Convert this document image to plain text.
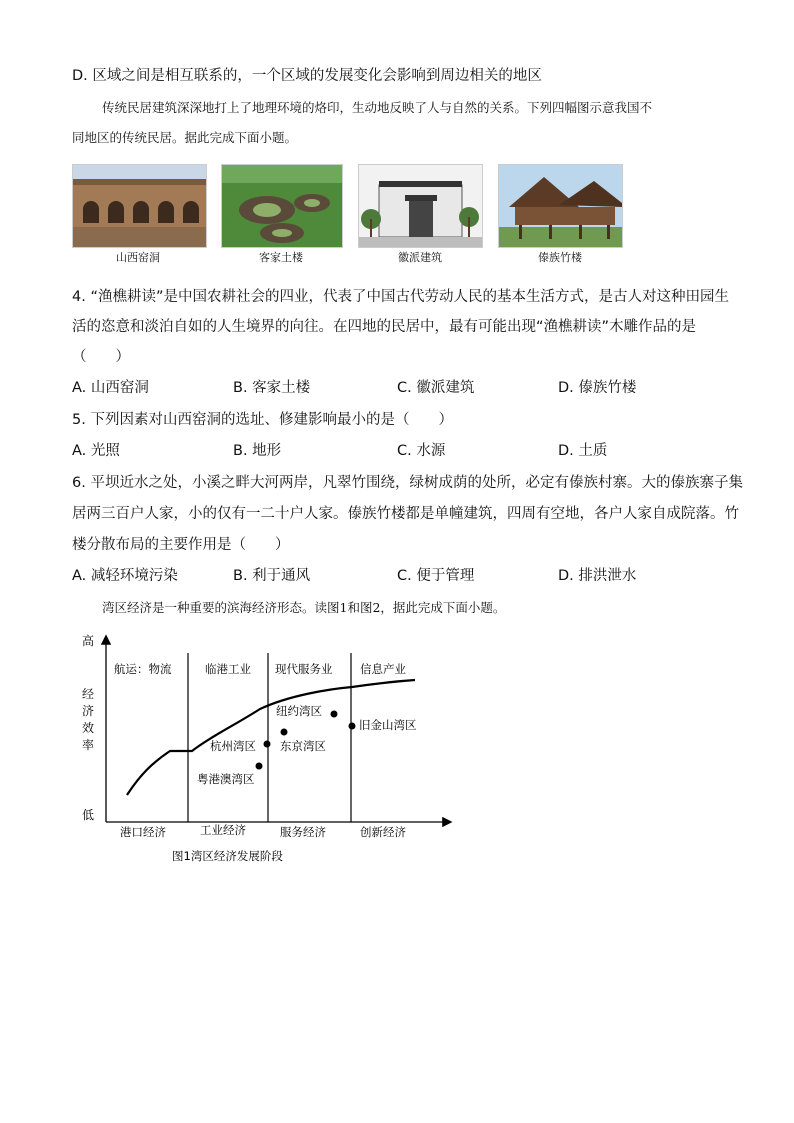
D. 区域之间是相互联系的，一个区域的发展变化会影响到周边相关的地区
传统民居建筑深深地打上了地理环境的烙印，生动地反映了人与自然的关系。下列四幅图示意我国不
同地区的传统民居。据此完成下面小题。
山西窑洞	客家土楼	徽派建筑	傣族竹楼
4. “渔樵耕读”是中国农耕社会的四业，代表了中国古代劳动人民的基本生活方式，是古人对这种田园生
活的恣意和淡泊自如的人生境界的向往。在四地的民居中，最有可能出现“渔樵耕读”木雕作品的是
（　　）
A. 山西窑洞	B. 客家土楼	C. 徽派建筑	D. 傣族竹楼
5. 下列因素对山西窑洞的选址、修建影响最小的是（　　）
A. 光照	B. 地形	C. 水源	D. 土质
6. 平坝近水之处，小溪之畔大河两岸，凡翠竹围绕，绿树成荫的处所，必定有傣族村寨。大的傣族寨子集
居两三百户人家，小的仅有一二十户人家。傣族竹楼都是单幢建筑，四周有空地，各户人家自成院落。竹
楼分散布局的主要作用是（　　）
A. 减轻环境污染	B. 利于通风	C. 便于管理	D. 排洪泄水
湾区经济是一种重要的滨海经济形态。读图1和图2，据此完成下面小题。
高
低
经 济 效 率
航运：物流	临港工业 现代服务业 信息产业
杭州湾区
粤港澳湾区
东京湾区
纽约湾区
旧金山湾区
港口经济	工业经济	服务经济	创新经济
图1湾区经济发展阶段
